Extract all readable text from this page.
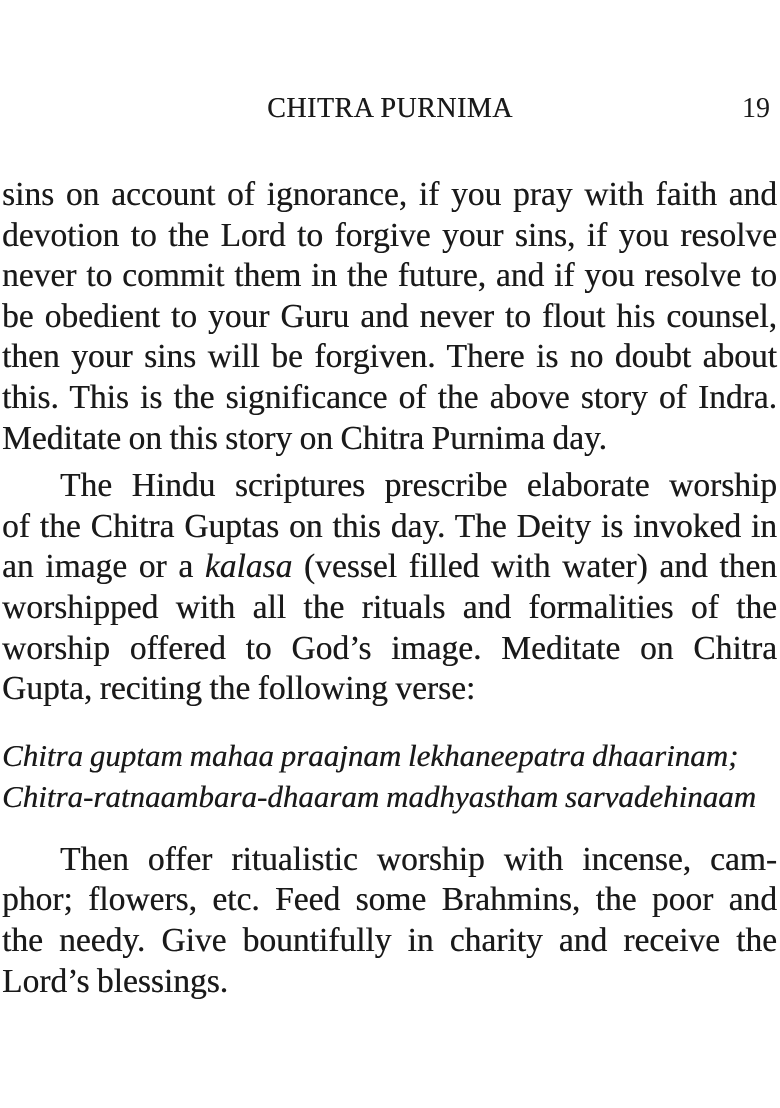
CHITRA PURNIMA	19
sins on account of ignorance, if you pray with faith and
devotion to the Lord to forgive your sins, if you resolve
never to commit them in the future, and if you resolve to
be obedient to your Guru and never to flout his counsel,
then your sins will be forgiven. There is no doubt about
this. This is the significance of the above story of Indra.
Meditate on this story on Chitra Purnima day.
The Hindu scriptures prescribe elaborate worship
of the Chitra Guptas on this day. The Deity is invoked in
an image or a kalasa (vessel filled with water) and then
worshipped with all the rituals and formalities of the
worship offered to God’s image. Meditate on Chitra
Gupta, reciting the following verse:
Chitra guptam mahaa praajnam lekhaneepatra dhaarinam;
Chitra-ratnaambara-dhaaram madhyastham sarvadehinaam
Then offer ritualistic worship with incense, cam-
phor; flowers, etc. Feed some Brahmins, the poor and
the needy. Give bountifully in charity and receive the
Lord’s blessings.
